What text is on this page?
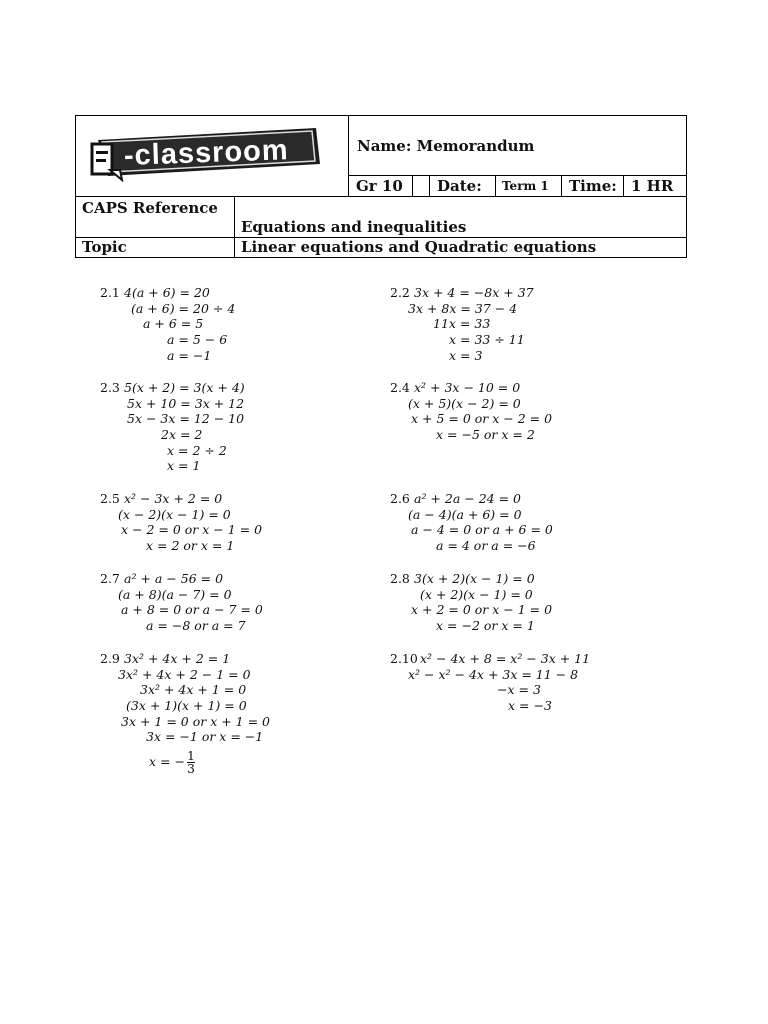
-classroom	Name: Memorandum
Gr 10 Date: Term 1 Time: 1 HR
CAPS Reference
Equations and inequalities
Topic	Linear equations and Quadratic equations
2.1 4(a + 6) = 20
(a + 6) = 20 ÷ 4
a + 6 = 5
a = 5 − 6
a = −1
2.2 3x + 4 = −8x + 37
3x + 8x = 37 − 4
11x = 33
x = 33 ÷ 11
x = 3
2.3 5(x + 2) = 3(x + 4)
5x + 10 = 3x + 12
5x − 3x = 12 − 10
2x = 2
x = 2 ÷ 2
x = 1
2.4 x² + 3x − 10 = 0
(x + 5)(x − 2) = 0
x + 5 = 0 or x − 2 = 0
x = −5 or x = 2
2.5 x² − 3x + 2 = 0
(x − 2)(x − 1) = 0
x − 2 = 0 or x − 1 = 0
x = 2 or x = 1
2.6 a² + 2a − 24 = 0
(a − 4)(a + 6) = 0
a − 4 = 0 or a + 6 = 0
a = 4 or a = −6
2.7 a² + a − 56 = 0
(a + 8)(a − 7) = 0
a + 8 = 0 or a − 7 = 0
a = −8 or a = 7
2.8 3(x + 2)(x − 1) = 0
(x + 2)(x − 1) = 0
x + 2 = 0 or x − 1 = 0
x = −2 or x = 1
2.9 3x² + 4x + 2 = 1
3x² + 4x + 2 − 1 = 0
3x² + 4x + 1 = 0
(3x + 1)(x + 1) = 0
3x + 1 = 0 or x + 1 = 0
3x = −1 or x = −1
x = − $\frac{1}{3}$
2.10 x² − 4x + 8 = x² − 3x + 11
x² − x² − 4x + 3x = 11 − 8
−x = 3
x = −3
